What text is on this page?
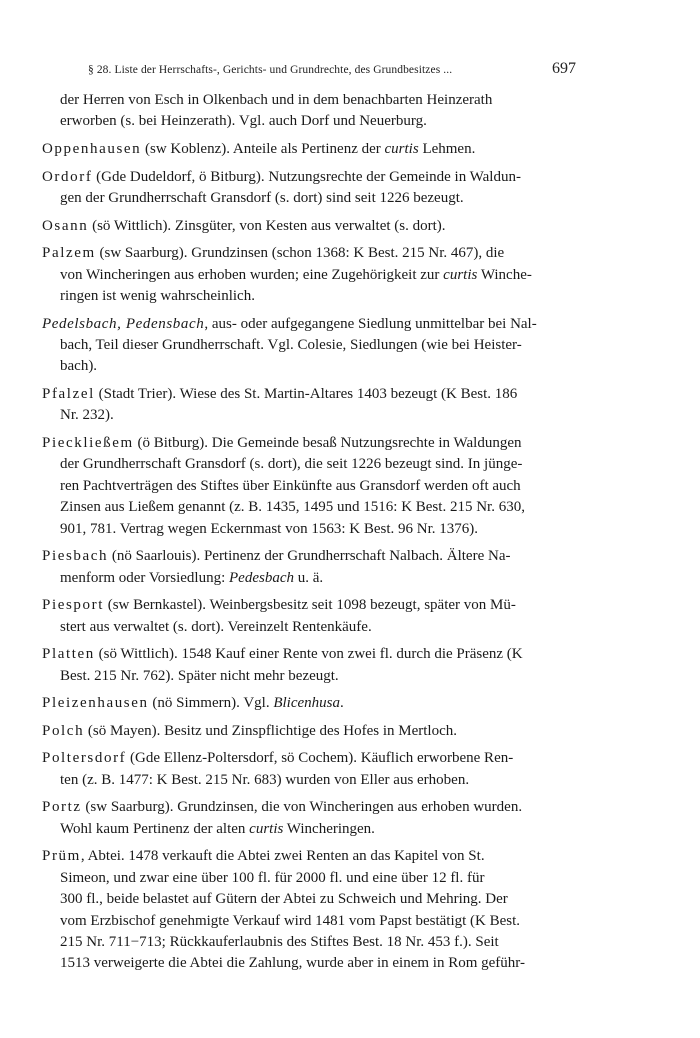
§ 28. Liste der Herrschafts-, Gerichts- und Grundrechte, des Grundbesitzes ...	697

der Herren von Esch in Olkenbach und in dem benachbarten Heinzerath
erworben (s. bei Heinzerath). Vgl. auch Dorf und Neuerburg.

Oppenhausen (sw Koblenz). Anteile als Pertinenz der curtis Lehmen.

Ordorf (Gde Dudeldorf, ö Bitburg). Nutzungsrechte der Gemeinde in Waldun-
gen der Grundherrschaft Gransdorf (s. dort) sind seit 1226 bezeugt.

Osann (sö Wittlich). Zinsgüter, von Kesten aus verwaltet (s. dort).

Palzem (sw Saarburg). Grundzinsen (schon 1368: K Best. 215 Nr. 467), die
von Wincheringen aus erhoben wurden; eine Zugehörigkeit zur curtis Winche-
ringen ist wenig wahrscheinlich.

Pedelsbach, Pedensbach, aus- oder aufgegangene Siedlung unmittelbar bei Nal-
bach, Teil dieser Grundherrschaft. Vgl. Colesie, Siedlungen (wie bei Heister-
bach).

Pfalzel (Stadt Trier). Wiese des St. Martin-Altares 1403 bezeugt (K Best. 186
Nr. 232).

Pieckließem (ö Bitburg). Die Gemeinde besaß Nutzungsrechte in Waldungen
der Grundherrschaft Gransdorf (s. dort), die seit 1226 bezeugt sind. In jünge-
ren Pachtverträgen des Stiftes über Einkünfte aus Gransdorf werden oft auch
Zinsen aus Ließem genannt (z. B. 1435, 1495 und 1516: K Best. 215 Nr. 630,
901, 781. Vertrag wegen Eckernmast von 1563: K Best. 96 Nr. 1376).

Piesbach (nö Saarlouis). Pertinenz der Grundherrschaft Nalbach. Ältere Na-
menform oder Vorsiedlung: Pedesbach u. ä.

Piesport (sw Bernkastel). Weinbergsbesitz seit 1098 bezeugt, später von Mü-
stert aus verwaltet (s. dort). Vereinzelt Rentenkäufe.

Platten (sö Wittlich). 1548 Kauf einer Rente von zwei fl. durch die Präsenz (K
Best. 215 Nr. 762). Später nicht mehr bezeugt.

Pleizenhausen (nö Simmern). Vgl. Blicenhusa.

Polch (sö Mayen). Besitz und Zinspflichtige des Hofes in Mertloch.

Poltersdorf (Gde Ellenz-Poltersdorf, sö Cochem). Käuflich erworbene Ren-
ten (z. B. 1477: K Best. 215 Nr. 683) wurden von Eller aus erhoben.

Portz (sw Saarburg). Grundzinsen, die von Wincheringen aus erhoben wurden.
Wohl kaum Pertinenz der alten curtis Wincheringen.

Prüm, Abtei. 1478 verkauft die Abtei zwei Renten an das Kapitel von St.
Simeon, und zwar eine über 100 fl. für 2000 fl. und eine über 12 fl. für
300 fl., beide belastet auf Gütern der Abtei zu Schweich und Mehring. Der
vom Erzbischof genehmigte Verkauf wird 1481 vom Papst bestätigt (K Best.
215 Nr. 711−713; Rückkauferlaubnis des Stiftes Best. 18 Nr. 453 f.). Seit
1513 verweigerte die Abtei die Zahlung, wurde aber in einem in Rom geführ-
